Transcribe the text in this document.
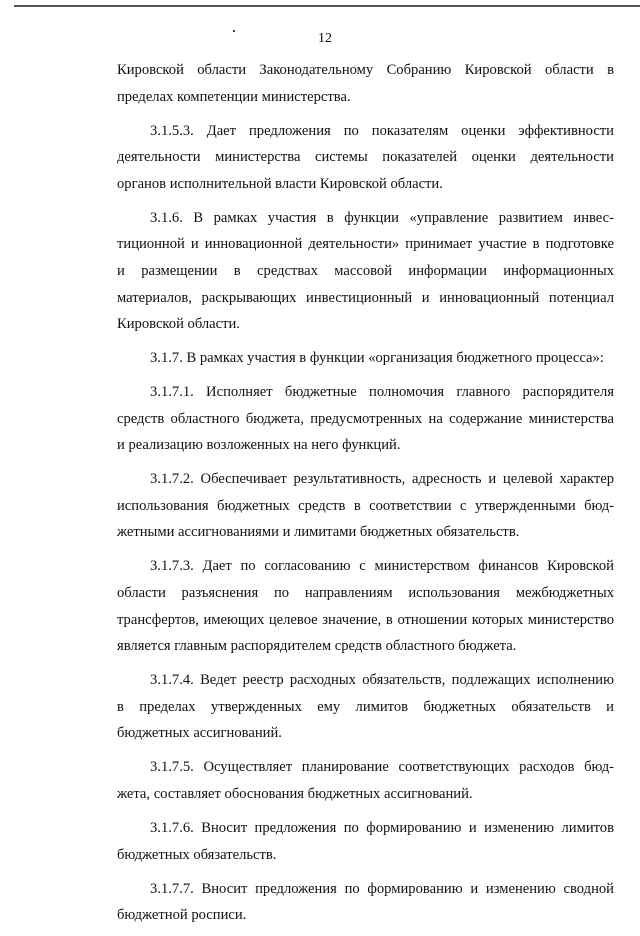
12
Кировской области Законодательному Собранию Кировской области в
пределах компетенции министерства.
3.1.5.3. Дает предложения по показателям оценки эффективности
деятельности министерства системы показателей оценки деятельности
органов исполнительной власти Кировской области.
3.1.6. В рамках участия в функции «управление развитием инвес-
тиционной и инновационной деятельности» принимает участие в подготовке
и размещении в средствах массовой информации информационных
материалов, раскрывающих инвестиционный и инновационный потенциал
Кировской области.
3.1.7. В рамках участия в функции «организация бюджетного процесса»:
3.1.7.1. Исполняет бюджетные полномочия главного распорядителя
средств областного бюджета, предусмотренных на содержание министерства
и реализацию возложенных на него функций.
3.1.7.2. Обеспечивает результативность, адресность и целевой характер
использования бюджетных средств в соответствии с утвержденными бюд-
жетными ассигнованиями и лимитами бюджетных обязательств.
3.1.7.3. Дает по согласованию с министерством финансов Кировской
области разъяснения по направлениям использования межбюджетных
трансфертов, имеющих целевое значение, в отношении которых министерство
является главным распорядителем средств областного бюджета.
3.1.7.4. Ведет реестр расходных обязательств, подлежащих исполнению
в пределах утвержденных ему лимитов бюджетных обязательств и
бюджетных ассигнований.
3.1.7.5. Осуществляет планирование соответствующих расходов бюд-
жета, составляет обоснования бюджетных ассигнований.
3.1.7.6. Вносит предложения по формированию и изменению лимитов
бюджетных обязательств.
3.1.7.7. Вносит предложения по формированию и изменению сводной
бюджетной росписи.
